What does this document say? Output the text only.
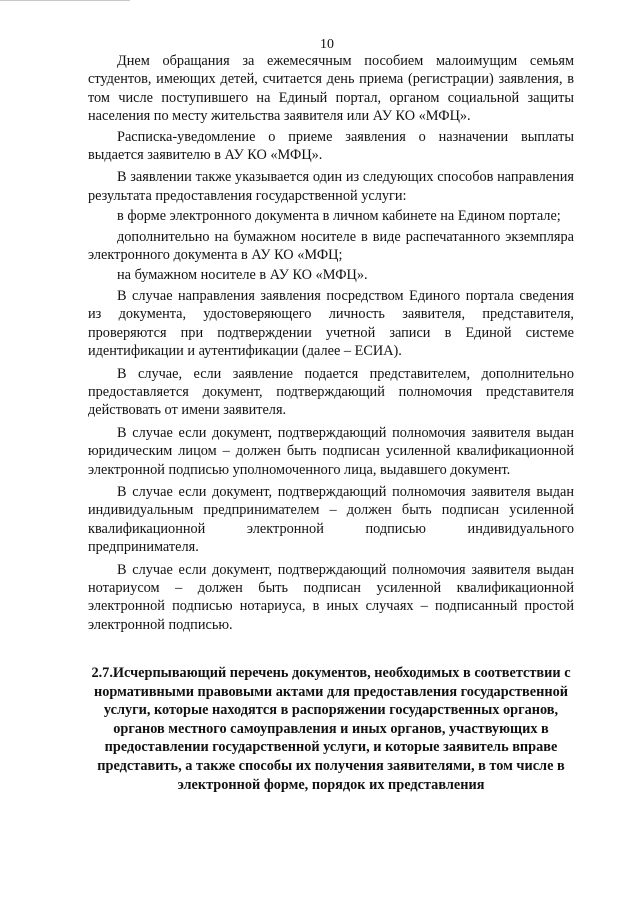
10

Днем обращания за ежемесячным пособием малоимущим семьям студентов, имеющих детей, считается день приема (регистрации) заявления, в том числе поступившего на Единый портал, органом социальной защиты населения по месту жительства заявителя или АУ КО «МФЦ».

Расписка-уведомление о приеме заявления о назначении выплаты выдается заявителю в АУ КО «МФЦ».

В заявлении также указывается один из следующих способов направления результата предоставления государственной услуги:

в форме электронного документа в личном кабинете на Едином портале;

дополнительно на бумажном носителе в виде распечатанного экземпляра электронного документа в АУ КО «МФЦ;

на бумажном носителе в АУ КО «МФЦ».

В случае направления заявления посредством Единого портала сведения из документа, удостоверяющего личность заявителя, представителя, проверяются при подтверждении учетной записи в Единой системе идентификации и аутентификации (далее – ЕСИА).

В случае, если заявление подается представителем, дополнительно предоставляется документ, подтверждающий полномочия представителя действовать от имени заявителя.

В случае если документ, подтверждающий полномочия заявителя выдан юридическим лицом – должен быть подписан усиленной квалификационной электронной подписью уполномоченного лица, выдавшего документ.

В случае если документ, подтверждающий полномочия заявителя выдан индивидуальным предпринимателем – должен быть подписан усиленной квалификационной электронной подписью индивидуального предпринимателя.

В случае если документ, подтверждающий полномочия заявителя выдан нотариусом – должен быть подписан усиленной квалификационной электронной подписью нотариуса, в иных случаях – подписанный простой электронной подписью.

2.7.Исчерпывающий перечень документов, необходимых в соответствии с нормативными правовыми актами для предоставления государственной услуги, которые находятся в распоряжении государственных органов, органов местного самоуправления и иных органов, участвующих в предоставлении государственной услуги, и которые заявитель вправе представить, а также способы их получения заявителями, в том числе в электронной форме, порядок их представления
